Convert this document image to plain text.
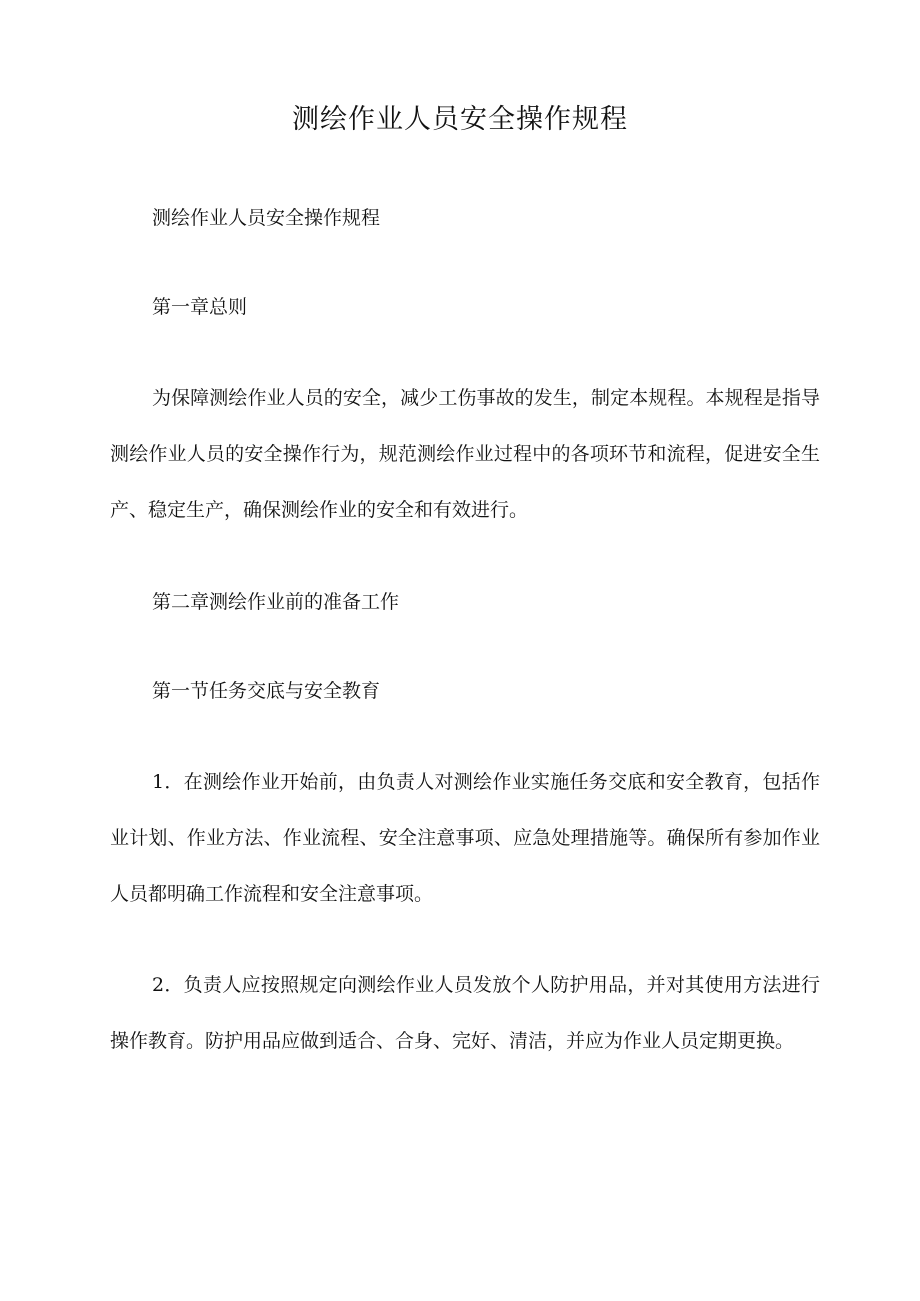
测绘作业人员安全操作规程

测绘作业人员安全操作规程

第一章总则

为保障测绘作业人员的安全，减少工伤事故的发生，制定本规程。本规程是指导测绘作业人员的安全操作行为，规范测绘作业过程中的各项环节和流程，促进安全生产、稳定生产，确保测绘作业的安全和有效进行。

第二章测绘作业前的准备工作

第一节任务交底与安全教育

1．在测绘作业开始前，由负责人对测绘作业实施任务交底和安全教育，包括作业计划、作业方法、作业流程、安全注意事项、应急处理措施等。确保所有参加作业人员都明确工作流程和安全注意事项。

2．负责人应按照规定向测绘作业人员发放个人防护用品，并对其使用方法进行操作教育。防护用品应做到适合、合身、完好、清洁，并应为作业人员定期更换。
